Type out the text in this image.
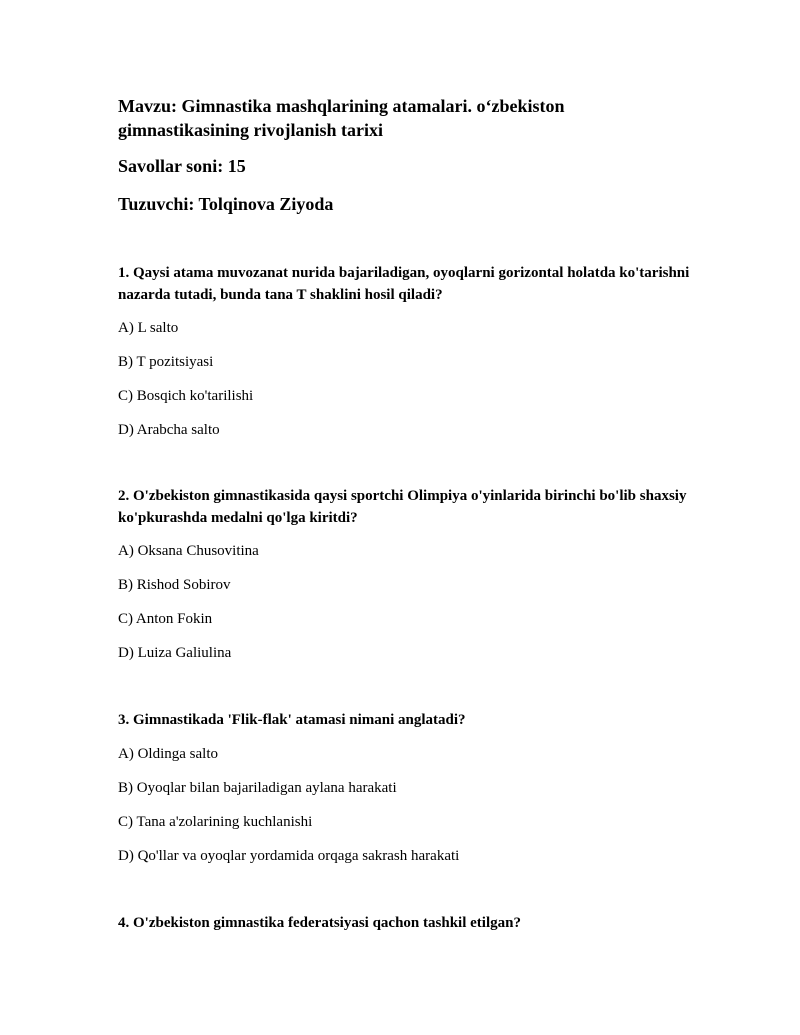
Mavzu: Gimnastika mashqlarining atamalari. o‘zbekiston gimnastikasining rivojlanish tarixi
Savollar soni: 15
Tuzuvchi: Tolqinova Ziyoda

1. Qaysi atama muvozanat nurida bajariladigan, oyoqlarni gorizontal holatda ko'tarishni nazarda tutadi, bunda tana T shaklini hosil qiladi?

A) L salto

B) T pozitsiyasi

C) Bosqich ko'tarilishi

D) Arabcha salto

2. O'zbekiston gimnastikasida qaysi sportchi Olimpiya o'yinlarida birinchi bo'lib shaxsiy ko'pkurashda medalni qo'lga kiritdi?

A) Oksana Chusovitina

B) Rishod Sobirov

C) Anton Fokin

D) Luiza Galiulina

3. Gimnastikada 'Flik-flak' atamasi nimani anglatadi?

A) Oldinga salto

B) Oyoqlar bilan bajariladigan aylana harakati

C) Tana a'zolarining kuchlanishi

D) Qo'llar va oyoqlar yordamida orqaga sakrash harakati

4. O'zbekiston gimnastika federatsiyasi qachon tashkil etilgan?
